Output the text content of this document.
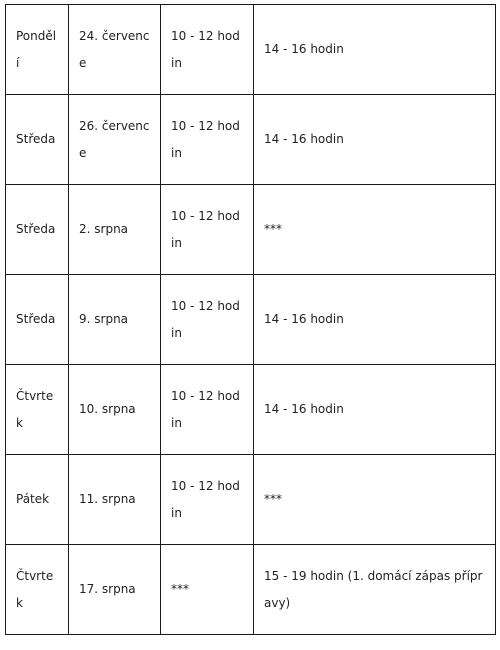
Pondělí	24. července	10 - 12 hodin	14 - 16 hodin
Středa	26. července	10 - 12 hodin	14 - 16 hodin
Středa	2. srpna	10 - 12 hodin	***
Středa	9. srpna	10 - 12 hodin	14 - 16 hodin
Čtvrtek	10. srpna	10 - 12 hodin	14 - 16 hodin
Pátek	11. srpna	10 - 12 hodin	***
Čtvrtek	17. srpna	***	15 - 19 hodin (1. domácí zápas přípravy)
